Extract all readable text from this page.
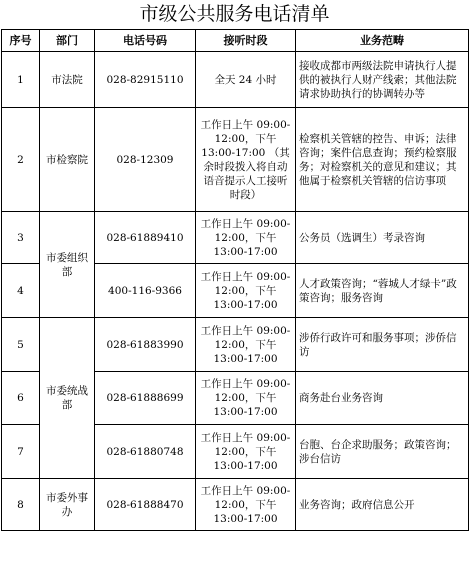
市级公共服务电话清单
序号	部门	电话号码	接听时段	业务范畴
1	市法院	028-82915110	全天 24 小时	接收成都市两级法院申请执行人提供的被执行人财产线索；其他法院请求协助执行的协调转办等
2	市检察院	028-12309	工作日上午 09:00-12:00，下午 13:00-17:00 （其余时段拨入将自动语音提示人工接听时段）	检察机关管辖的控告、申诉；法律咨询；案件信息查询；预约检察服务；对检察机关的意见和建议；其他属于检察机关管辖的信访事项
3	市委组织部	028-61889410	工作日上午 09:00-12:00，下午 13:00-17:00	公务员（选调生）考录咨询
4		400-116-9366	工作日上午 09:00-12:00，下午 13:00-17:00	人才政策咨询；“蓉城人才绿卡”政策咨询；服务咨询
5	市委统战部	028-61883990	工作日上午 09:00-12:00，下午 13:00-17:00	涉侨行政许可和服务事项；涉侨信访
6		028-61888699	工作日上午 09:00-12:00，下午 13:00-17:00	商务赴台业务咨询
7		028-61880748	工作日上午 09:00-12:00，下午 13:00-17:00	台胞、台企求助服务；政策咨询；涉台信访
8	市委外事办	028-61888470	工作日上午 09:00-12:00，下午 13:00-17:00	业务咨询；政府信息公开
